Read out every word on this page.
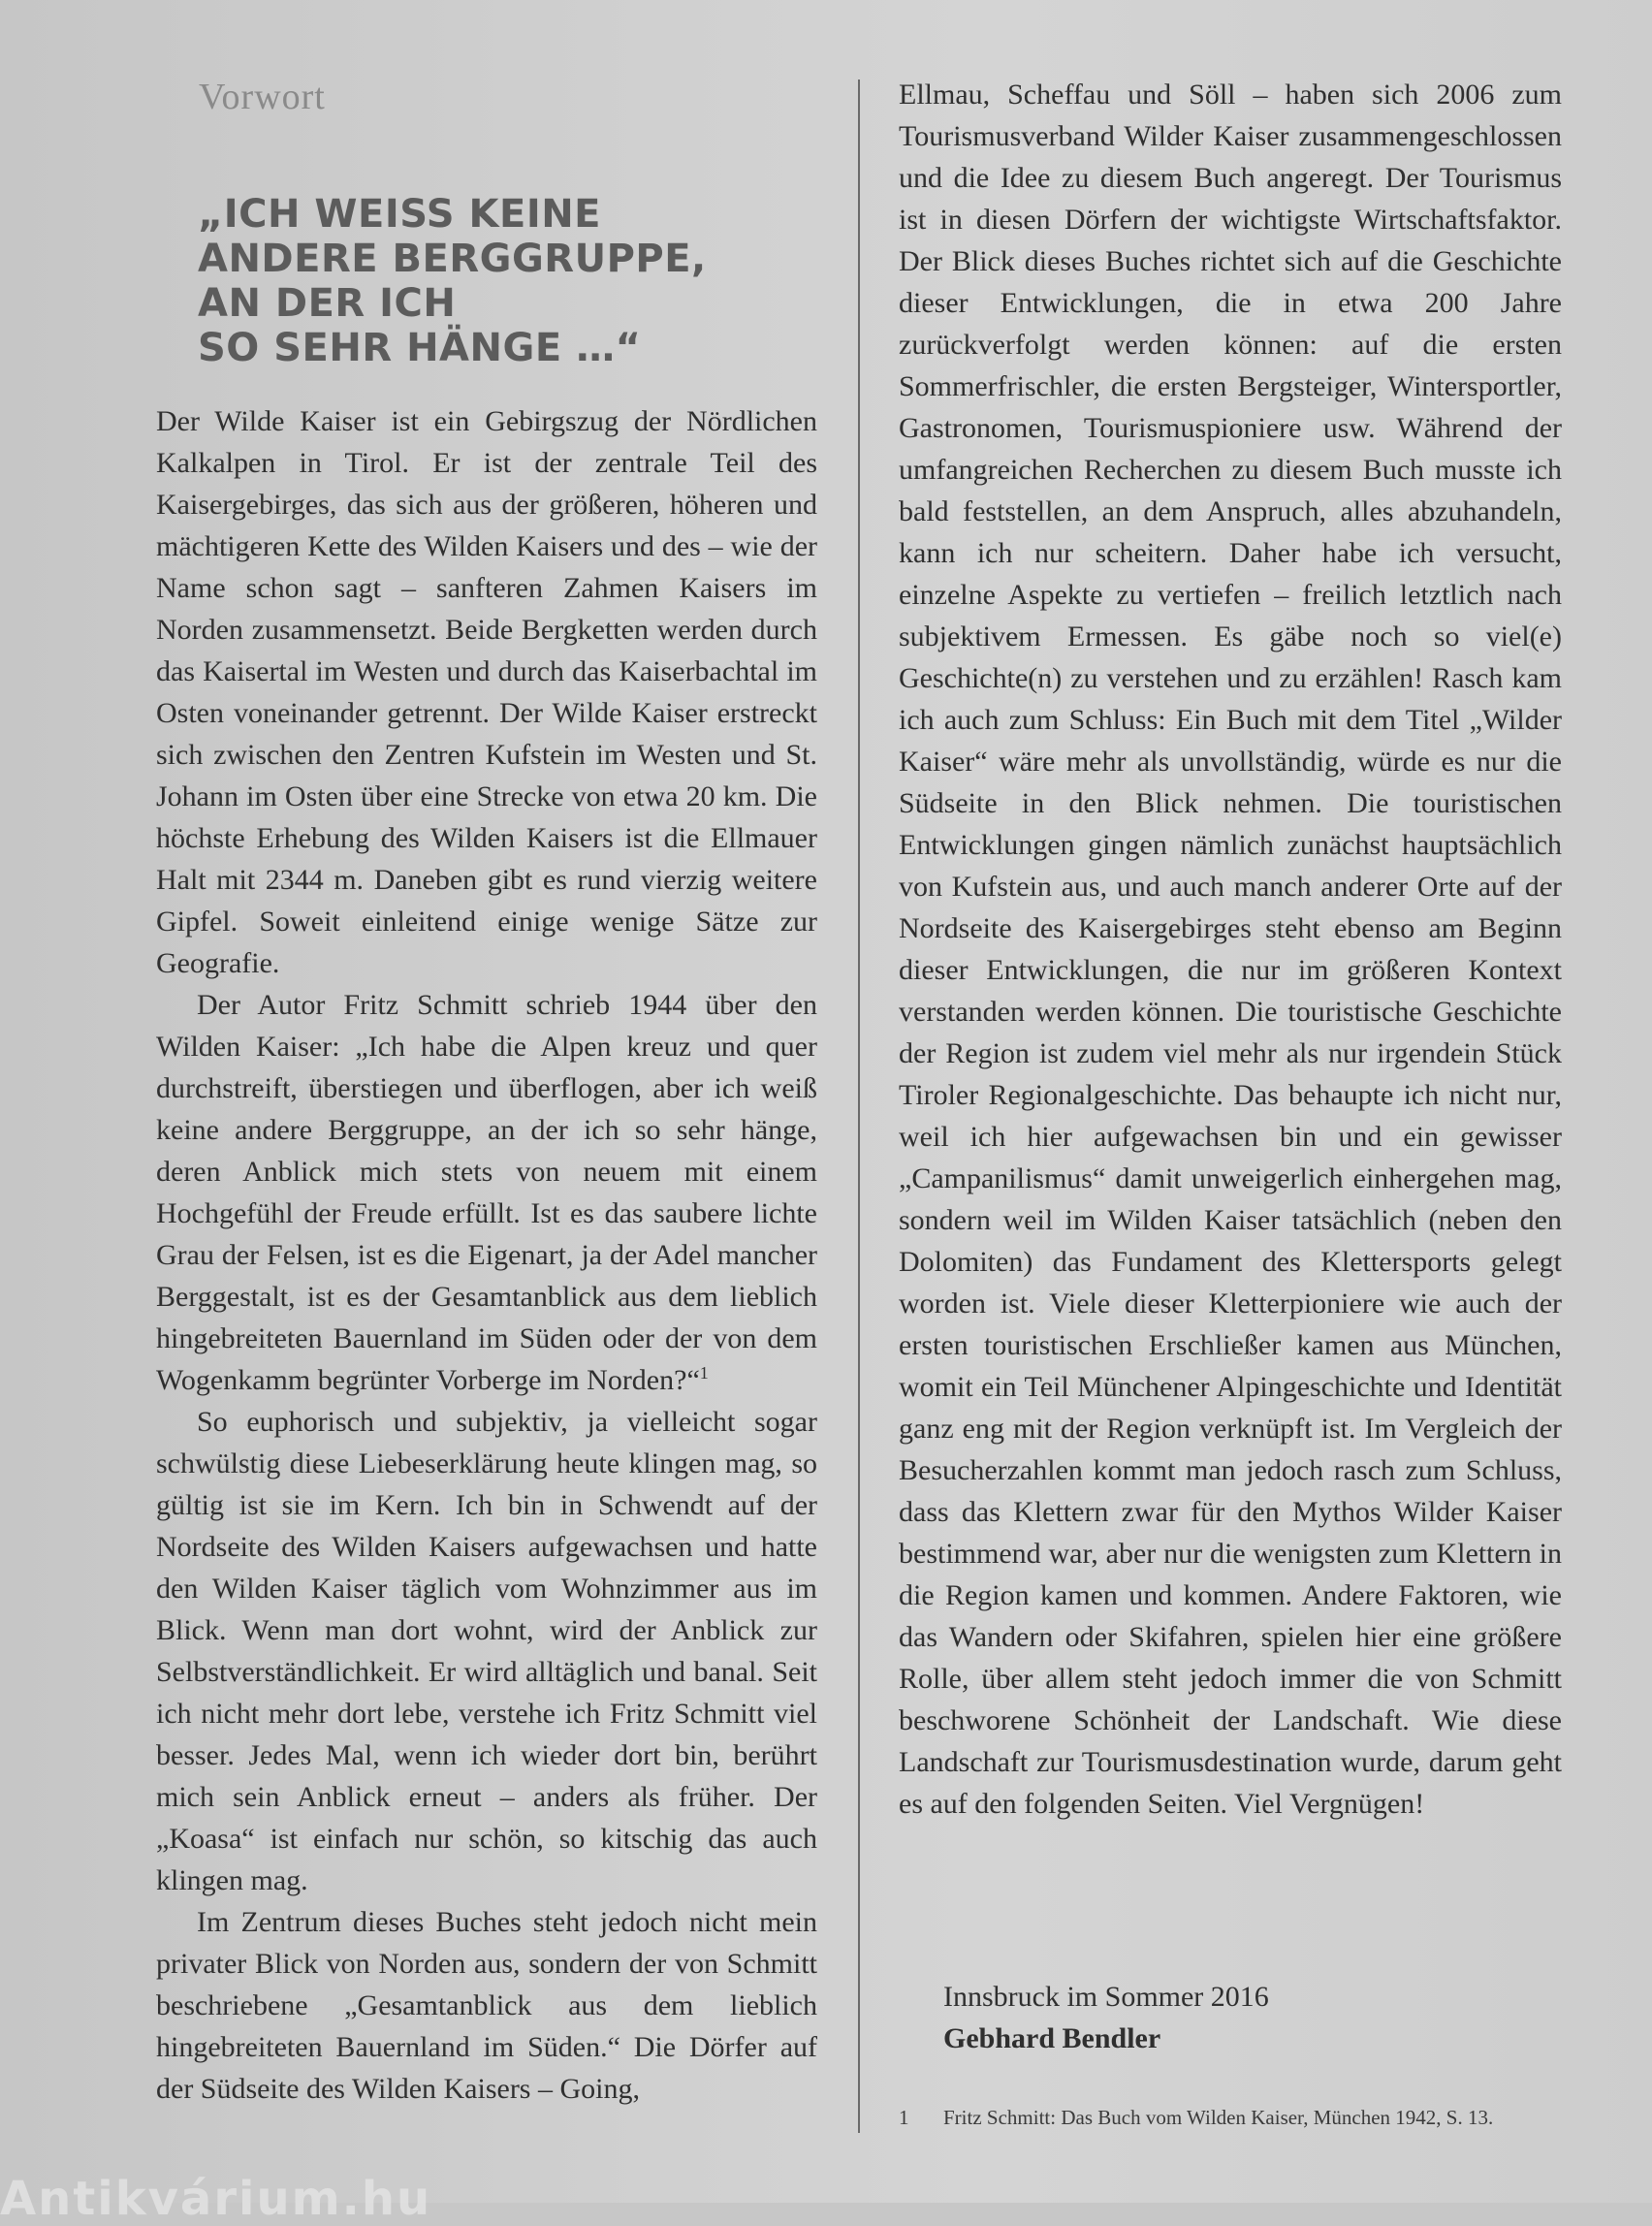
Vorwort
„ICH WEISS KEINE
ANDERE BERGGRUPPE,
AN DER ICH
SO SEHR HÄNGE …“

Der Wilde Kaiser ist ein Gebirgszug der Nördlichen Kalkalpen in Tirol. Er ist der zentrale Teil des Kaisergebirges, das sich aus der größeren, höheren und mächtigeren Kette des Wilden Kaisers und des – wie der Name schon sagt – sanfteren Zahmen Kaisers im Norden zusammensetzt. Beide Bergketten werden durch das Kaisertal im Westen und durch das Kaiserbachtal im Osten voneinander getrennt. Der Wilde Kaiser erstreckt sich zwischen den Zentren Kufstein im Westen und St. Johann im Osten über eine Strecke von etwa 20 km. Die höchste Erhebung des Wilden Kaisers ist die Ellmauer Halt mit 2344 m. Daneben gibt es rund vierzig weitere Gipfel. Soweit einleitend einige wenige Sätze zur Geografie.

Der Autor Fritz Schmitt schrieb 1944 über den Wilden Kaiser: „Ich habe die Alpen kreuz und quer durchstreift, überstiegen und überflogen, aber ich weiß keine andere Berggruppe, an der ich so sehr hänge, deren Anblick mich stets von neuem mit einem Hochgefühl der Freude erfüllt. Ist es das saubere lichte Grau der Felsen, ist es die Eigenart, ja der Adel mancher Berggestalt, ist es der Gesamtanblick aus dem lieblich hingebreiteten Bauernland im Süden oder der von dem Wogenkamm begrünter Vorberge im Norden?“$^1$

So euphorisch und subjektiv, ja vielleicht sogar schwülstig diese Liebeserklärung heute klingen mag, so gültig ist sie im Kern. Ich bin in Schwendt auf der Nordseite des Wilden Kaisers aufgewachsen und hatte den Wilden Kaiser täglich vom Wohnzimmer aus im Blick. Wenn man dort wohnt, wird der Anblick zur Selbstverständlichkeit. Er wird alltäglich und banal. Seit ich nicht mehr dort lebe, verstehe ich Fritz Schmitt viel besser. Jedes Mal, wenn ich wieder dort bin, berührt mich sein Anblick erneut – anders als früher. Der „Koasa“ ist einfach nur schön, so kitschig das auch klingen mag.

Im Zentrum dieses Buches steht jedoch nicht mein privater Blick von Norden aus, sondern der von Schmitt beschriebene „Gesamtanblick aus dem lieblich hingebreiteten Bauernland im Süden.“ Die Dörfer auf der Südseite des Wilden Kaisers – Going,

Ellmau, Scheffau und Söll – haben sich 2006 zum Tourismusverband Wilder Kaiser zusammengeschlossen und die Idee zu diesem Buch angeregt. Der Tourismus ist in diesen Dörfern der wichtigste Wirtschaftsfaktor. Der Blick dieses Buches richtet sich auf die Geschichte dieser Entwicklungen, die in etwa 200 Jahre zurückverfolgt werden können: auf die ersten Sommerfrischler, die ersten Bergsteiger, Wintersportler, Gastronomen, Tourismuspioniere usw. Während der umfangreichen Recherchen zu diesem Buch musste ich bald feststellen, an dem Anspruch, alles abzuhandeln, kann ich nur scheitern. Daher habe ich versucht, einzelne Aspekte zu vertiefen – freilich letztlich nach subjektivem Ermessen. Es gäbe noch so viel(e) Geschichte(n) zu verstehen und zu erzählen! Rasch kam ich auch zum Schluss: Ein Buch mit dem Titel „Wilder Kaiser“ wäre mehr als unvollständig, würde es nur die Südseite in den Blick nehmen. Die touristischen Entwicklungen gingen nämlich zunächst hauptsächlich von Kufstein aus, und auch manch anderer Orte auf der Nordseite des Kaisergebirges steht ebenso am Beginn dieser Entwicklungen, die nur im größeren Kontext verstanden werden können. Die touristische Geschichte der Region ist zudem viel mehr als nur irgendein Stück Tiroler Regionalgeschichte. Das behaupte ich nicht nur, weil ich hier aufgewachsen bin und ein gewisser „Campanilismus“ damit unweigerlich einhergehen mag, sondern weil im Wilden Kaiser tatsächlich (neben den Dolomiten) das Fundament des Klettersports gelegt worden ist. Viele dieser Kletterpioniere wie auch der ersten touristischen Erschließer kamen aus München, womit ein Teil Münchener Alpingeschichte und Identität ganz eng mit der Region verknüpft ist. Im Vergleich der Besucherzahlen kommt man jedoch rasch zum Schluss, dass das Klettern zwar für den Mythos Wilder Kaiser bestimmend war, aber nur die wenigsten zum Klettern in die Region kamen und kommen. Andere Faktoren, wie das Wandern oder Skifahren, spielen hier eine größere Rolle, über allem steht jedoch immer die von Schmitt beschworene Schönheit der Landschaft. Wie diese Landschaft zur Tourismusdestination wurde, darum geht es auf den folgenden Seiten. Viel Vergnügen!

Innsbruck im Sommer 2016
Gebhard Bendler
1 Fritz Schmitt: Das Buch vom Wilden Kaiser, München 1942, S. 13.
Antikvárium.hu
